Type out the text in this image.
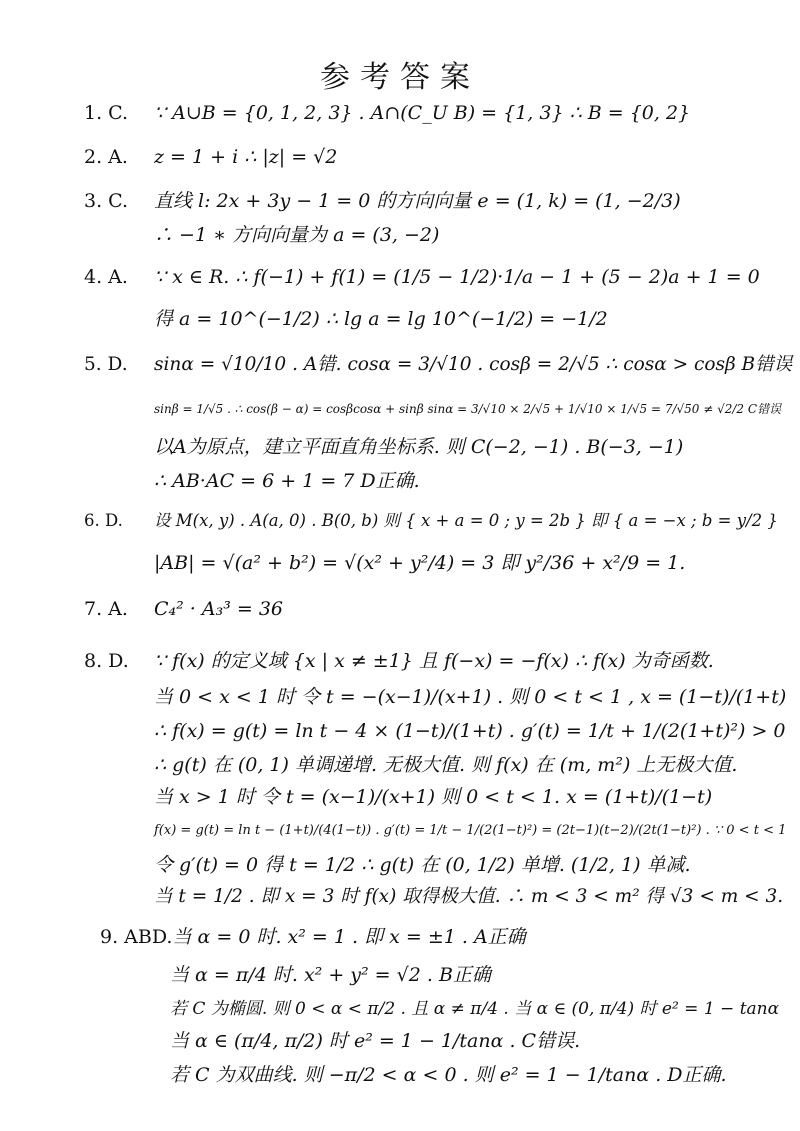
参考答案
1. C. ∵ A∪B = {0, 1, 2, 3} . A∩(C_U B) = {1, 3} ∴ B = {0, 2}
2. A. z = 1 + i ∴ |z| = √2
3. C. 直线 l: 2x + 3y − 1 = 0 的方向向量 e = (1, k) = (1, −2/3)
∴ −1 ∗ 方向向量为 a = (3, −2)
4. A. ∵ x ∈ R. ∴ f(−1) + f(1) = (1/5 − 1/2)·1/a − 1 + (5 − 2)a + 1 = 0
得 a = 10^(−1/2) ∴ lg a = lg 10^(−1/2) = −1/2
5. D. sinα = √10/10 . A错. cosα = 3/√10 . cosβ = 2/√5 ∴ cosα > cosβ B错误
sinβ = 1/√5 . ∴ cos(β − α) = cosβcosα + sinβ sinα = 3/√10 × 2/√5 + 1/√10 × 1/√5 = 7/√50 ≠ √2/2 C错误
以A为原点，建立平面直角坐标系. 则 C(−2, −1) . B(−3, −1)
∴ AB·AC = 6 + 1 = 7 D正确.
6. D. 设 M(x, y) . A(a, 0) . B(0, b) 则 { x + a = 0 ; y = 2b } 即 { a = −x ; b = y/2 }
|AB| = √(a² + b²) = √(x² + y²/4) = 3 即 y²/36 + x²/9 = 1.
7. A. C₄² · A₃³ = 36
8. D. ∵ f(x) 的定义域 {x | x ≠ ±1} 且 f(−x) = −f(x) ∴ f(x) 为奇函数.
当 0 < x < 1 时 令 t = −(x−1)/(x+1) . 则 0 < t < 1 , x = (1−t)/(1+t)
∴ f(x) = g(t) = ln t − 4 × (1−t)/(1+t) . g′(t) = 1/t + 1/(2(1+t)²) > 0
∴ g(t) 在 (0, 1) 单调递增. 无极大值. 则 f(x) 在 (m, m²) 上无极大值.
当 x > 1 时 令 t = (x−1)/(x+1) 则 0 < t < 1. x = (1+t)/(1−t)
f(x) = g(t) = ln t − (1+t)/(4(1−t)) . g′(t) = 1/t − 1/(2(1−t)²) = (2t−1)(t−2)/(2t(1−t)²) . ∵ 0 < t < 1
令 g′(t) = 0 得 t = 1/2 ∴ g(t) 在 (0, 1/2) 单增. (1/2, 1) 单减.
当 t = 1/2 . 即 x = 3 时 f(x) 取得极大值. ∴ m < 3 < m² 得 √3 < m < 3.
9. ABD.当 α = 0 时. x² = 1 . 即 x = ±1 . A正确
当 α = π/4 时. x² + y² = √2 . B正确
若 C 为椭圆. 则 0 < α < π/2 . 且 α ≠ π/4 . 当 α ∈ (0, π/4) 时 e² = 1 − tanα
当 α ∈ (π/4, π/2) 时 e² = 1 − 1/tanα . C错误.
若 C 为双曲线. 则 −π/2 < α < 0 . 则 e² = 1 − 1/tanα . D正确.
